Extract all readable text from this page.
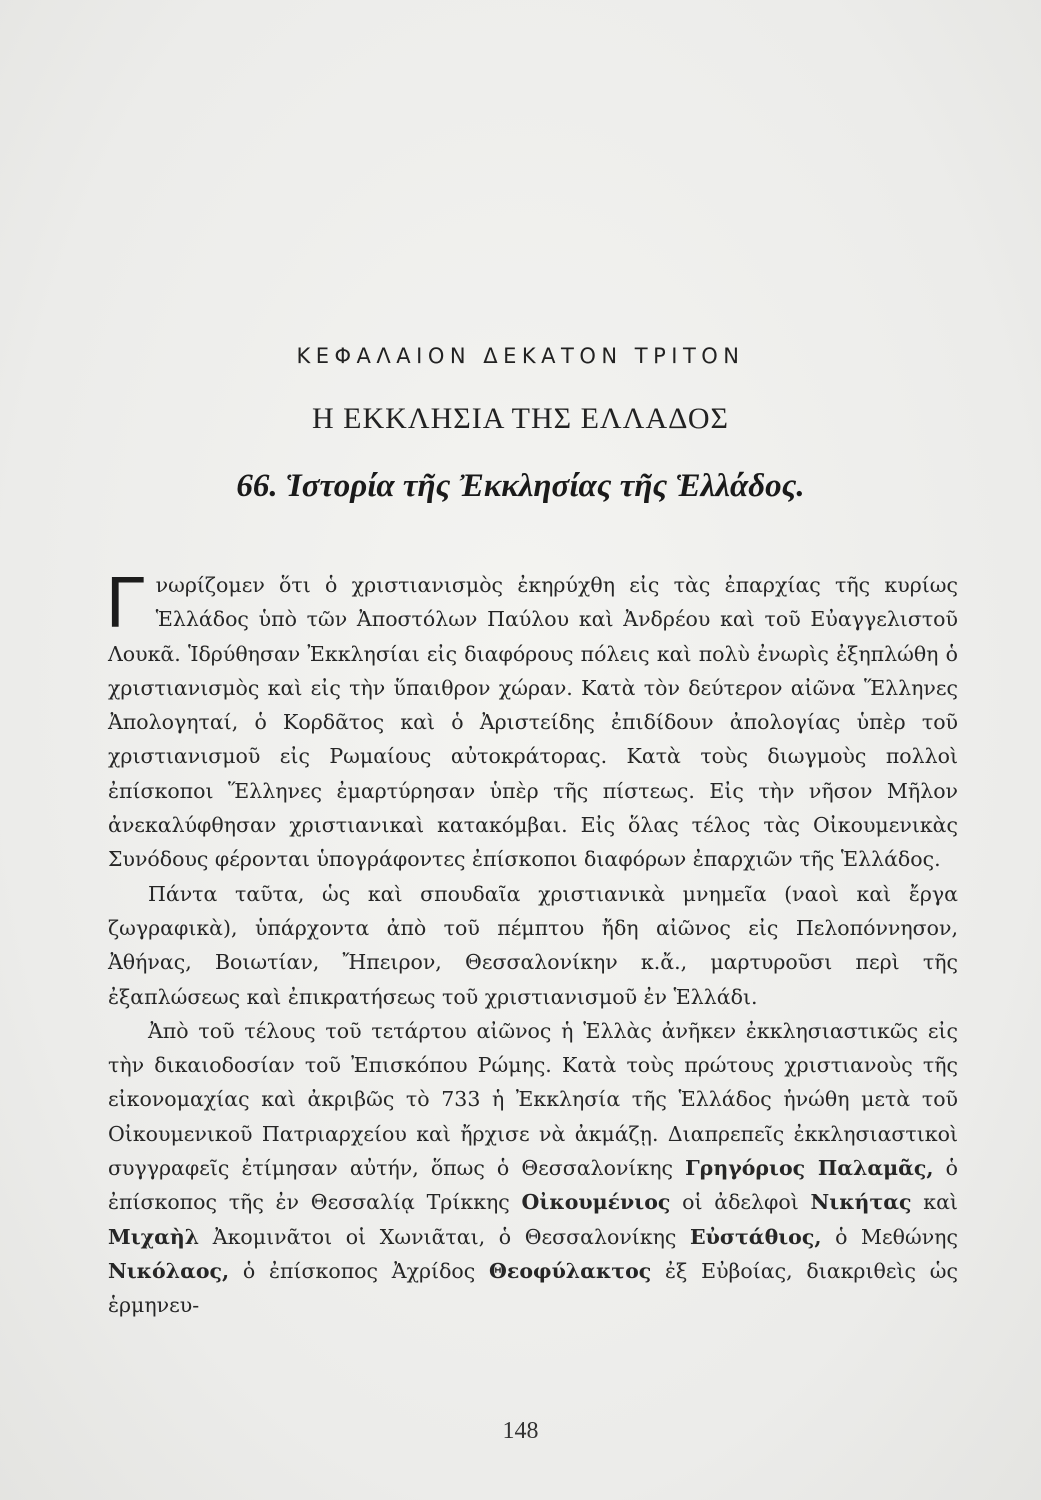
ΚΕΦΑΛΑΙΟΝ ΔΕΚΑΤΟΝ ΤΡΙΤΟΝ
Η ΕΚΚΛΗΣΙΑ ΤΗΣ ΕΛΛΑΔΟΣ
66. Ἱστορία τῆς Ἐκκλησίας τῆς Ἑλλάδος.

Γνωρίζομεν ὅτι ὁ χριστιανισμὸς ἐκηρύχθη εἰς τὰς ἐπαρχίας τῆς κυρίως Ἑλλάδος ὑπὸ τῶν Ἀποστόλων Παύλου καὶ Ἀνδρέου καὶ τοῦ Εὐαγγελιστοῦ Λουκᾶ. Ἱδρύθησαν Ἐκκλησίαι εἰς διαφόρους πόλεις καὶ πολὺ ἐνωρὶς ἐξηπλώθη ὁ χριστιανισμὸς καὶ εἰς τὴν ὕπαιθρον χώραν. Κατὰ τὸν δεύτερον αἰῶνα Ἕλληνες Ἀπολογηταί, ὁ Κορδᾶτος καὶ ὁ Ἀριστείδης ἐπιδίδουν ἀπολογίας ὑπὲρ τοῦ χριστιανισμοῦ εἰς Ρωμαίους αὐτοκράτορας. Κατὰ τοὺς διωγμοὺς πολλοὶ ἐπίσκοποι Ἕλληνες ἐμαρτύρησαν ὑπὲρ τῆς πίστεως. Εἰς τὴν νῆσον Μῆλον ἀνεκαλύφθησαν χριστιανικαὶ κατακόμβαι. Εἰς ὅλας τέλος τὰς Οἰκουμενικὰς Συνόδους φέρονται ὑπογράφοντες ἐπίσκοποι διαφόρων ἐπαρχιῶν τῆς Ἑλλάδος.

Πάντα ταῦτα, ὡς καὶ σπουδαῖα χριστιανικὰ μνημεῖα (ναοὶ καὶ ἔργα ζωγραφικὰ), ὑπάρχοντα ἀπὸ τοῦ πέμπτου ἤδη αἰῶνος εἰς Πελοπόννησον, Ἀθήνας, Βοιωτίαν, Ἤπειρον, Θεσσαλονίκην κ.ἄ., μαρτυροῦσι περὶ τῆς ἐξαπλώσεως καὶ ἐπικρατήσεως τοῦ χριστιανισμοῦ ἐν Ἑλλάδι.

Ἀπὸ τοῦ τέλους τοῦ τετάρτου αἰῶνος ἡ Ἑλλὰς ἀνῆκεν ἐκκλησιαστικῶς εἰς τὴν δικαιοδοσίαν τοῦ Ἐπισκόπου Ρώμης. Κατὰ τοὺς πρώτους χριστιανοὺς τῆς εἰκονομαχίας καὶ ἀκριβῶς τὸ 733 ἡ Ἐκκλησία τῆς Ἑλλάδος ἡνώθη μετὰ τοῦ Οἰκουμενικοῦ Πατριαρχείου καὶ ἤρχισε νὰ ἀκμάζῃ. Διαπρεπεῖς ἐκκλησιαστικοὶ συγγραφεῖς ἐτίμησαν αὐτήν, ὅπως ὁ Θεσσαλονίκης Γρηγόριος Παλαμᾶς, ὁ ἐπίσκοπος τῆς ἐν Θεσσαλίᾳ Τρίκκης Οἰκουμένιος οἱ ἀδελφοὶ Νικήτας καὶ Μιχαὴλ Ἀκομινᾶτοι οἱ Χωνιᾶται, ὁ Θεσσαλονίκης Εὐστάθιος, ὁ Μεθώνης Νικόλαος, ὁ ἐπίσκοπος Ἀχρίδος Θεοφύλακτος ἐξ Εὐβοίας, διακριθεὶς ὡς ἑρμηνευ-

148
